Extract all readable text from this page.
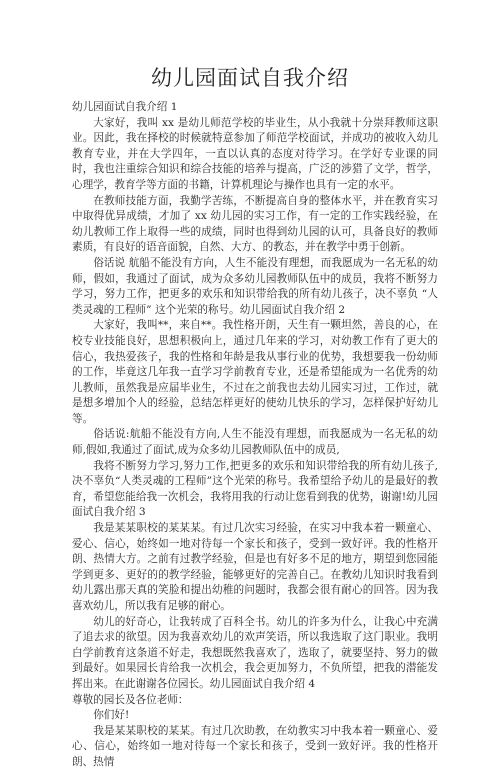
幼儿园面试自我介绍

幼儿园面试自我介绍 1

大家好，我叫 xx 是幼儿师范学校的毕业生，从小我就十分崇拜教师这职业。因此，我在择校的时候就特意参加了师范学校面试，并成功的被收入幼儿教育专业，并在大学四年，一直以认真的态度对待学习。在学好专业课的同时，我也注重综合知识和综合技能的培养与提高，广泛的涉猎了文学，哲学，心理学，教育学等方面的书籍，计算机理论与操作也具有一定的水平。

在教师技能方面，我勤学苦练，不断提高自身的整体水平，并在教育实习中取得优异成绩，才加了 xx 幼儿园的实习工作，有一定的工作实践经验，在幼儿教师工作上取得一些的成绩，同时也得到幼儿园的认可，具备良好的教师素质，有良好的语音面貌，自然、大方、的教态，并在教学中勇于创新。

俗话说 航船不能没有方向，人生不能没有理想，而我愿成为一名无私的幼师，假如，我通过了面试，成为众多幼儿园教师队伍中的成员，我将不断努力学习，努力工作，把更多的欢乐和知识带给我的所有幼儿孩子，决不辜负 “人类灵魂的工程师” 这个光荣的称号。幼儿园面试自我介绍 2

大家好，我叫**，来自**。我性格开朗，天生有一颗坦然，善良的心，在校专业技能良好，思想积极向上，通过几年来的学习，对幼教工作有了更大的信心，我热爱孩子，我的性格和年龄是我从事行业的优势，我想要我一份幼师的工作，毕竟这几年我一直学习学前教育专业，还是希望能成为一名优秀的幼儿教师，虽然我是应届毕业生，不过在之前我也去幼儿园实习过，工作过，就是想多增加个人的经验，总结怎样更好的使幼儿快乐的学习，怎样保护好幼儿等。

俗话说:航船不能没有方向,人生不能没有理想，而我愿成为一名无私的幼师,假如,我通过了面试,成为众多幼儿园教师队伍中的成员,

我将不断努力学习,努力工作,把更多的欢乐和知识带给我的所有幼儿孩子,决不辜负“人类灵魂的工程师”这个光荣的称号。我希望给予幼儿的是最好的教育，希望您能给我一次机会，我将用我的行动让您看到我的优势，谢谢!幼儿园面试自我介绍 3

我是某某职校的某某某。有过几次实习经验，在实习中我本着一颗童心、爱心、信心，始终如一地对待每一个家长和孩子，受到一致好评。我的性格开朗、热情大方。之前有过教学经验，但是也有好多不足的地方，期望到您园能学到更多、更好的的教学经验，能够更好的完善自己。在教幼儿知识时我看到幼儿露出那天真的笑脸和提出幼稚的问题时，我都会很有耐心的回答。因为我喜欢幼儿，所以我有足够的耐心。

幼儿的好奇心，让我转成了百科全书。幼儿的许多为什么，让我心中充满了追去求的欲望。因为我喜欢幼儿的欢声笑语，所以我选取了这门职业。我明白学前教育这条道不好走，我想既然我喜欢了，选取了，就要坚持、努力的做到最好。如果园长肯给我一次机会，我会更加努力，不负所望，把我的潜能发挥出来。在此谢谢各位园长。幼儿园面试自我介绍 4

尊敬的园长及各位老师：

你们好!

我是某某职校的某某。有过几次助教，在幼教实习中我本着一颗童心、爱心、信心，始终如一地对待每一个家长和孩子，受到一致好评。我的性格开朗、热情
